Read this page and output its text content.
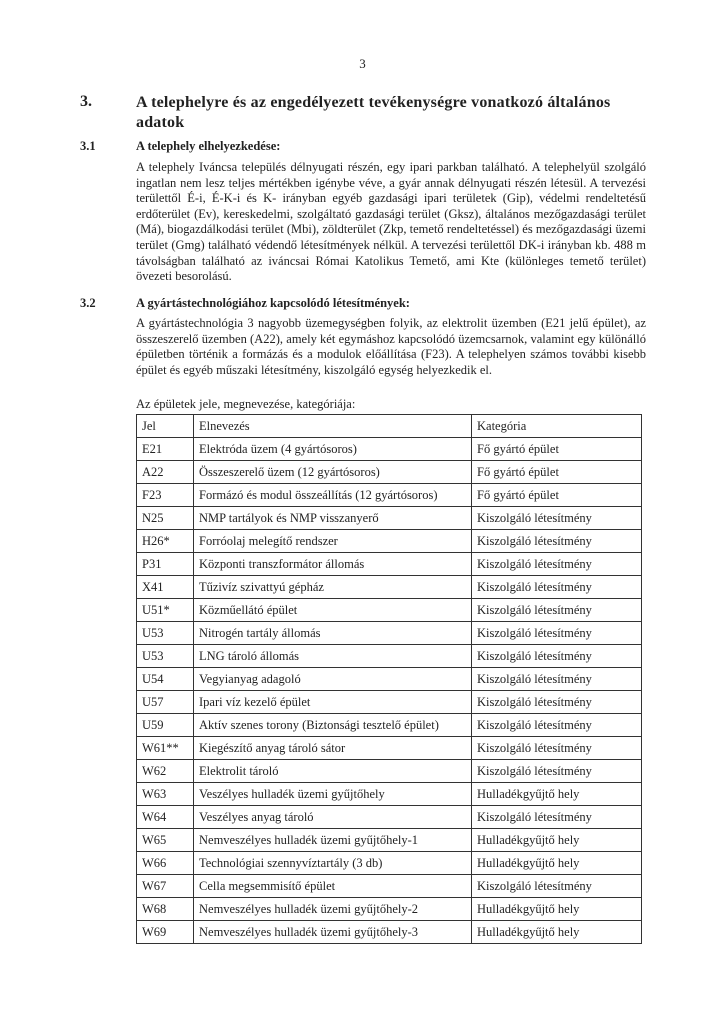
3
3.	A telephelyre és az engedélyezett tevékenységre vonatkozó általános adatok
3.1	A telephely elhelyezkedése:
A telephely Iváncsa település délnyugati részén, egy ipari parkban található. A telephelyül szolgáló ingatlan nem lesz teljes mértékben igénybe véve, a gyár annak délnyugati részén létesül. A tervezési területtől É-i, É-K-i és K- irányban egyéb gazdasági ipari területek (Gip), védelmi rendeltetésű erdőterület (Ev), kereskedelmi, szolgáltató gazdasági terület (Gksz), általános mezőgazdasági terület (Má), biogazdálkodási terület (Mbi), zöldterület (Zkp, temető rendeltetéssel) és mezőgazdasági üzemi terület (Gmg) található védendő létesítmények nélkül. A tervezési területtől DK-i irányban kb. 488 m távolságban található az iváncsai Római Katolikus Temető, ami Kte (különleges temető terület) övezeti besorolású.
3.2	A gyártástechnológiához kapcsolódó létesítmények:
A gyártástechnológia 3 nagyobb üzemegységben folyik, az elektrolit üzemben (E21 jelű épület), az összeszerelő üzemben (A22), amely két egymáshoz kapcsolódó üzemcsarnok, valamint egy különálló épületben történik a formázás és a modulok előállítása (F23). A telephelyen számos további kisebb épület és egyéb műszaki létesítmény, kiszolgáló egység helyezkedik el.
Az épületek jele, megnevezése, kategóriája:
Jel	Elnevezés	Kategória
E21	Elektróda üzem (4 gyártósoros)	Fő gyártó épület
A22	Összeszerelő üzem (12 gyártósoros)	Fő gyártó épület
F23	Formázó és modul összeállítás (12 gyártósoros)	Fő gyártó épület
N25	NMP tartályok és NMP visszanyerő	Kiszolgáló létesítmény
H26*	Forróolaj melegítő rendszer	Kiszolgáló létesítmény
P31	Központi transzformátor állomás	Kiszolgáló létesítmény
X41	Tűzivíz szivattyú gépház	Kiszolgáló létesítmény
U51*	Közműellátó épület	Kiszolgáló létesítmény
U53	Nitrogén tartály állomás	Kiszolgáló létesítmény
U53	LNG tároló állomás	Kiszolgáló létesítmény
U54	Vegyianyag adagoló	Kiszolgáló létesítmény
U57	Ipari víz kezelő épület	Kiszolgáló létesítmény
U59	Aktív szenes torony (Biztonsági tesztelő épület)	Kiszolgáló létesítmény
W61**	Kiegészítő anyag tároló sátor	Kiszolgáló létesítmény
W62	Elektrolit tároló	Kiszolgáló létesítmény
W63	Veszélyes hulladék üzemi gyűjtőhely	Hulladékgyűjtő hely
W64	Veszélyes anyag tároló	Kiszolgáló létesítmény
W65	Nemveszélyes hulladék üzemi gyűjtőhely-1	Hulladékgyűjtő hely
W66	Technológiai szennyvíztartály (3 db)	Hulladékgyűjtő hely
W67	Cella megsemmisítő épület	Kiszolgáló létesítmény
W68	Nemveszélyes hulladék üzemi gyűjtőhely-2	Hulladékgyűjtő hely
W69	Nemveszélyes hulladék üzemi gyűjtőhely-3	Hulladékgyűjtő hely
